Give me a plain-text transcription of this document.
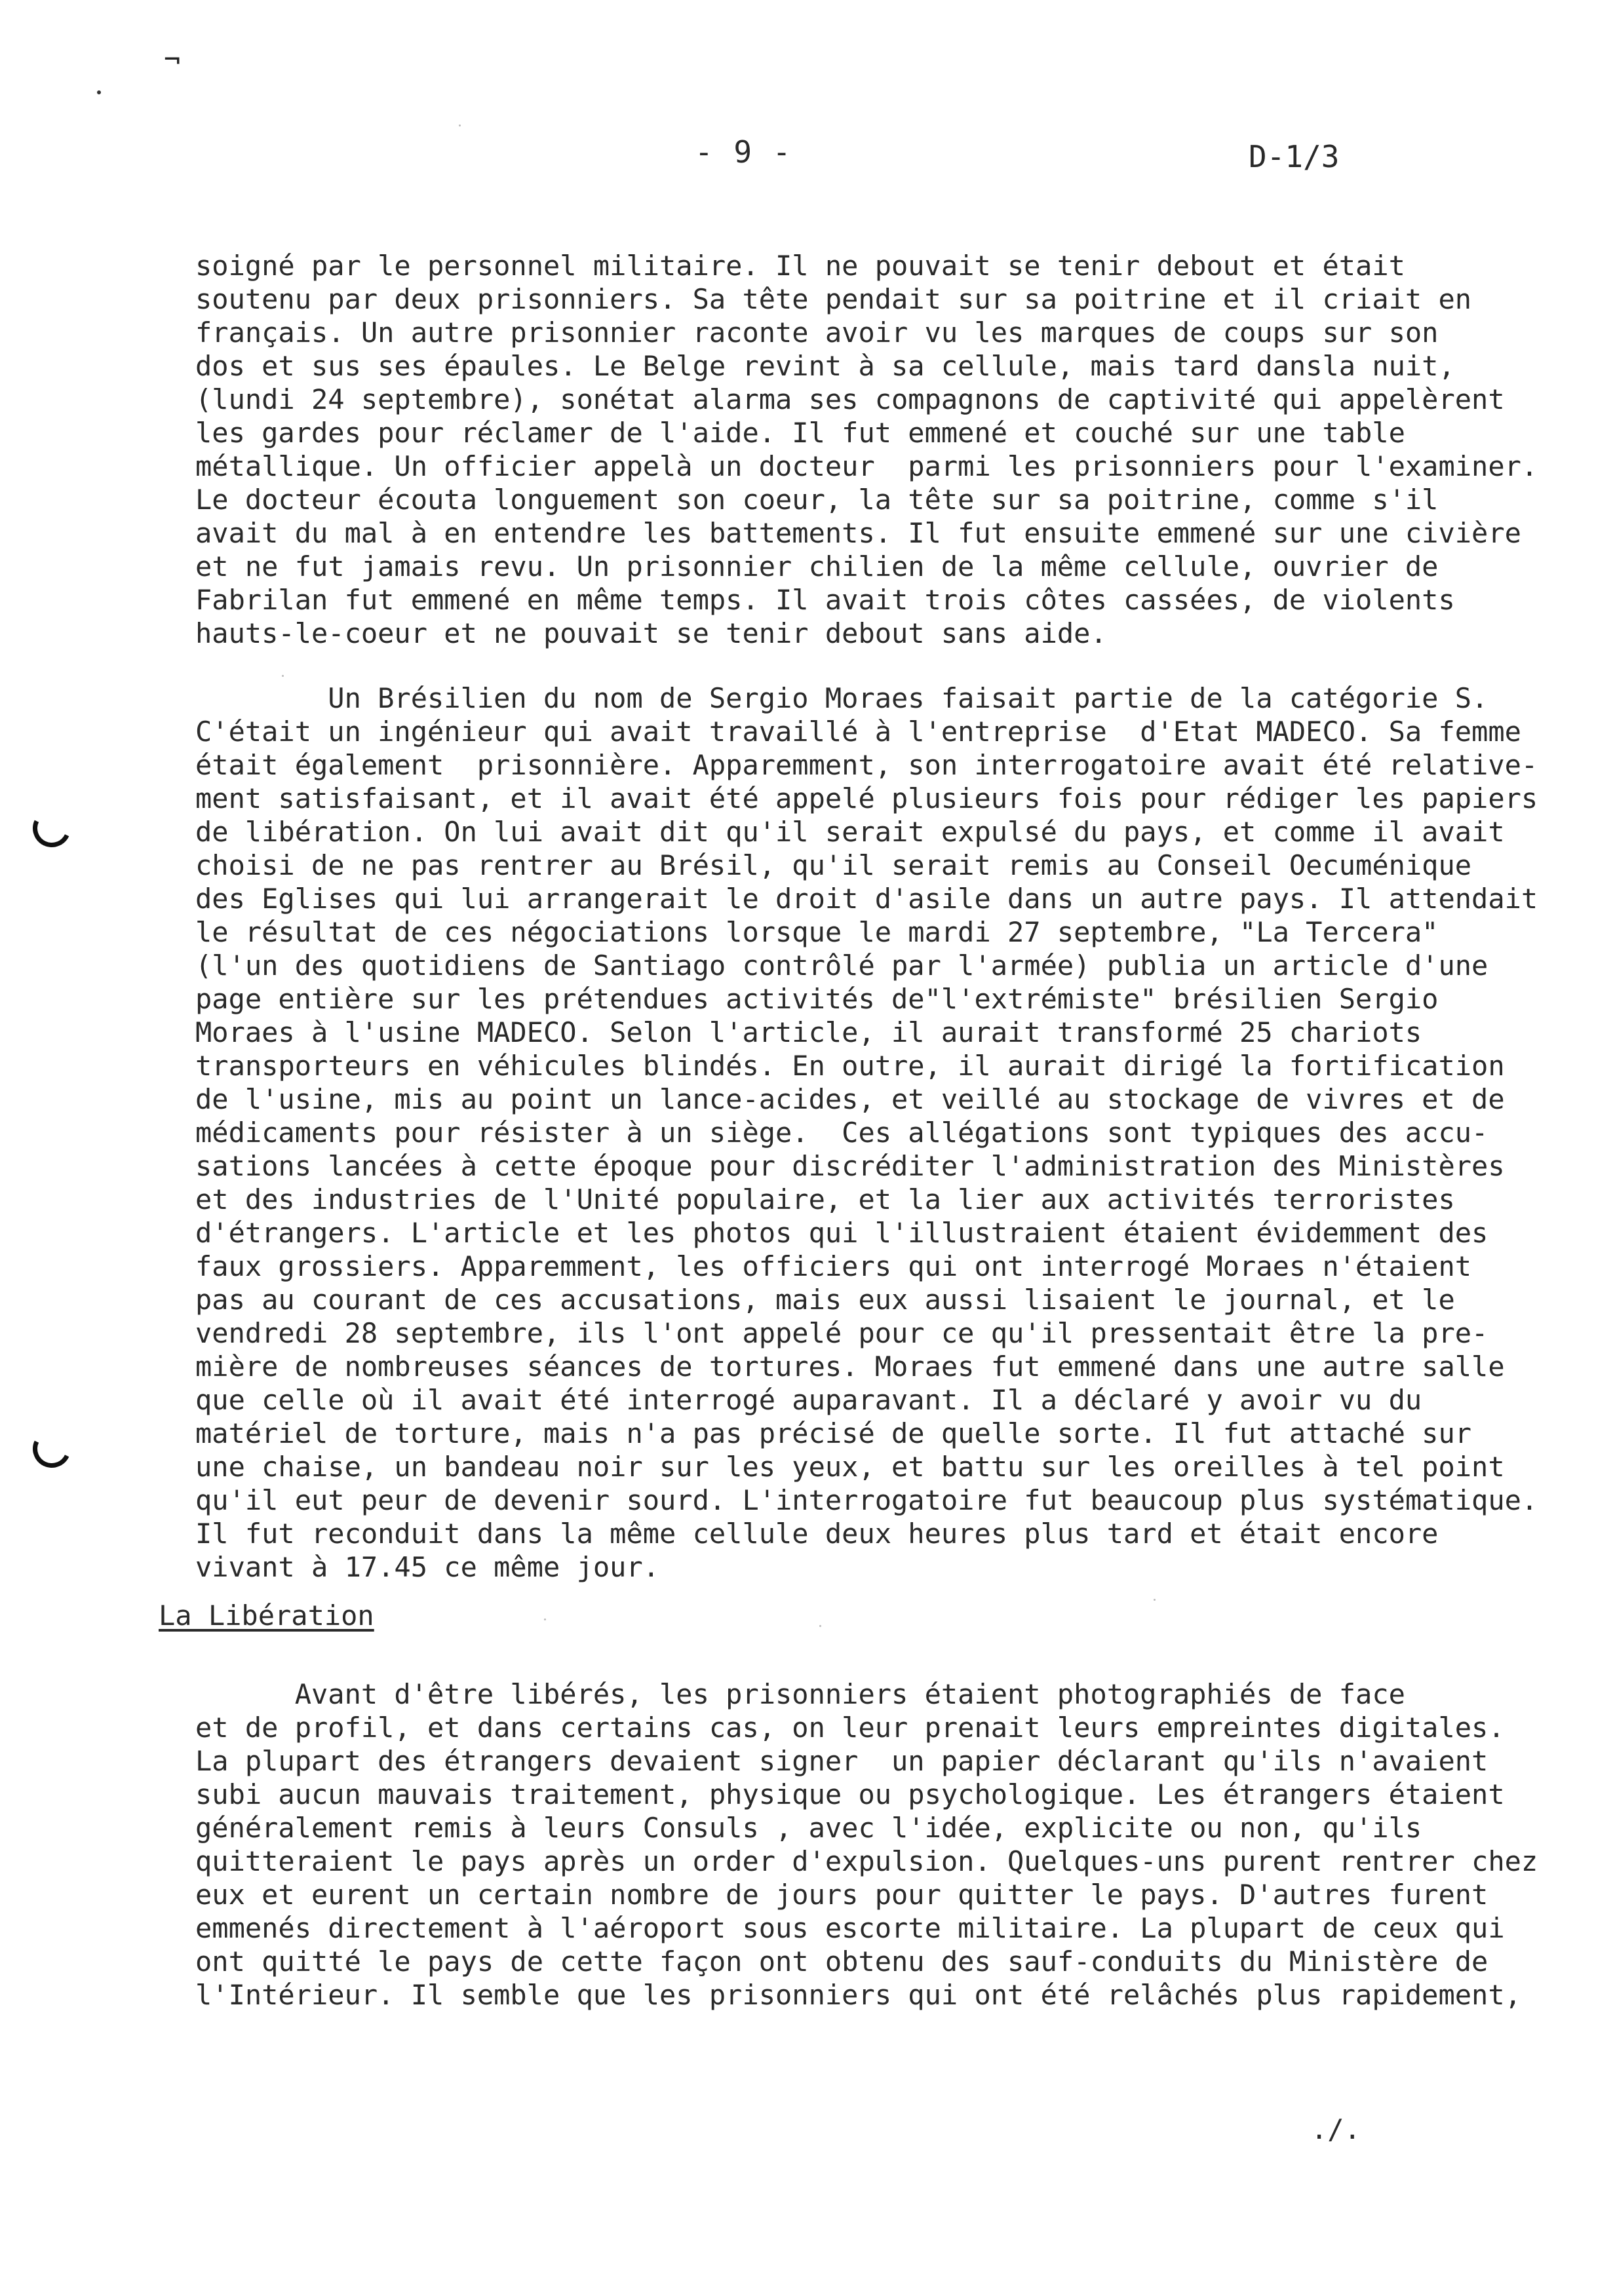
¬
- 9 -	D-1/3
soigné par le personnel militaire. Il ne pouvait se tenir debout et était
soutenu par deux prisonniers. Sa tête pendait sur sa poitrine et il criait en
français. Un autre prisonnier raconte avoir vu les marques de coups sur son
dos et sus ses épaules. Le Belge revint à sa cellule, mais tard dansla nuit,
(lundi 24 septembre), sonétat alarma ses compagnons de captivité qui appelèrent
les gardes pour réclamer de l'aide. Il fut emmené et couché sur une table
métallique. Un officier appelà un docteur  parmi les prisonniers pour l'examiner.
Le docteur écouta longuement son coeur, la tête sur sa poitrine, comme s'il
avait du mal à en entendre les battements. Il fut ensuite emmené sur une civière
et ne fut jamais revu. Un prisonnier chilien de la même cellule, ouvrier de
Fabrilan fut emmené en même temps. Il avait trois côtes cassées, de violents
hauts-le-coeur et ne pouvait se tenir debout sans aide.
Un Brésilien du nom de Sergio Moraes faisait partie de la catégorie S.
C'était un ingénieur qui avait travaillé à l'entreprise  d'Etat MADECO. Sa femme
était également  prisonnière. Apparemment, son interrogatoire avait été relative-
ment satisfaisant, et il avait été appelé plusieurs fois pour rédiger les papiers
de libération. On lui avait dit qu'il serait expulsé du pays, et comme il avait
choisi de ne pas rentrer au Brésil, qu'il serait remis au Conseil Oecuménique
des Eglises qui lui arrangerait le droit d'asile dans un autre pays. Il attendait
le résultat de ces négociations lorsque le mardi 27 septembre, "La Tercera"
(l'un des quotidiens de Santiago contrôlé par l'armée) publia un article d'une
page entière sur les prétendues activités de"l'extrémiste" brésilien Sergio
Moraes à l'usine MADECO. Selon l'article, il aurait transformé 25 chariots
transporteurs en véhicules blindés. En outre, il aurait dirigé la fortification
de l'usine, mis au point un lance-acides, et veillé au stockage de vivres et de
médicaments pour résister à un siège.  Ces allégations sont typiques des accu-
sations lancées à cette époque pour discréditer l'administration des Ministères
et des industries de l'Unité populaire, et la lier aux activités terroristes
d'étrangers. L'article et les photos qui l'illustraient étaient évidemment des
faux grossiers. Apparemment, les officiers qui ont interrogé Moraes n'étaient
pas au courant de ces accusations, mais eux aussi lisaient le journal, et le
vendredi 28 septembre, ils l'ont appelé pour ce qu'il pressentait être la pre-
mière de nombreuses séances de tortures. Moraes fut emmené dans une autre salle
que celle où il avait été interrogé auparavant. Il a déclaré y avoir vu du
matériel de torture, mais n'a pas précisé de quelle sorte. Il fut attaché sur
une chaise, un bandeau noir sur les yeux, et battu sur les oreilles à tel point
qu'il eut peur de devenir sourd. L'interrogatoire fut beaucoup plus systématique.
Il fut reconduit dans la même cellule deux heures plus tard et était encore
vivant à 17.45 ce même jour.
La Libération
Avant d'être libérés, les prisonniers étaient photographiés de face
et de profil, et dans certains cas, on leur prenait leurs empreintes digitales.
La plupart des étrangers devaient signer  un papier déclarant qu'ils n'avaient
subi aucun mauvais traitement, physique ou psychologique. Les étrangers étaient
généralement remis à leurs Consuls , avec l'idée, explicite ou non, qu'ils
quitteraient le pays après un order d'expulsion. Quelques-uns purent rentrer chez
eux et eurent un certain nombre de jours pour quitter le pays. D'autres furent
emmenés directement à l'aéroport sous escorte militaire. La plupart de ceux qui
ont quitté le pays de cette façon ont obtenu des sauf-conduits du Ministère de
l'Intérieur. Il semble que les prisonniers qui ont été relâchés plus rapidement,
./.
